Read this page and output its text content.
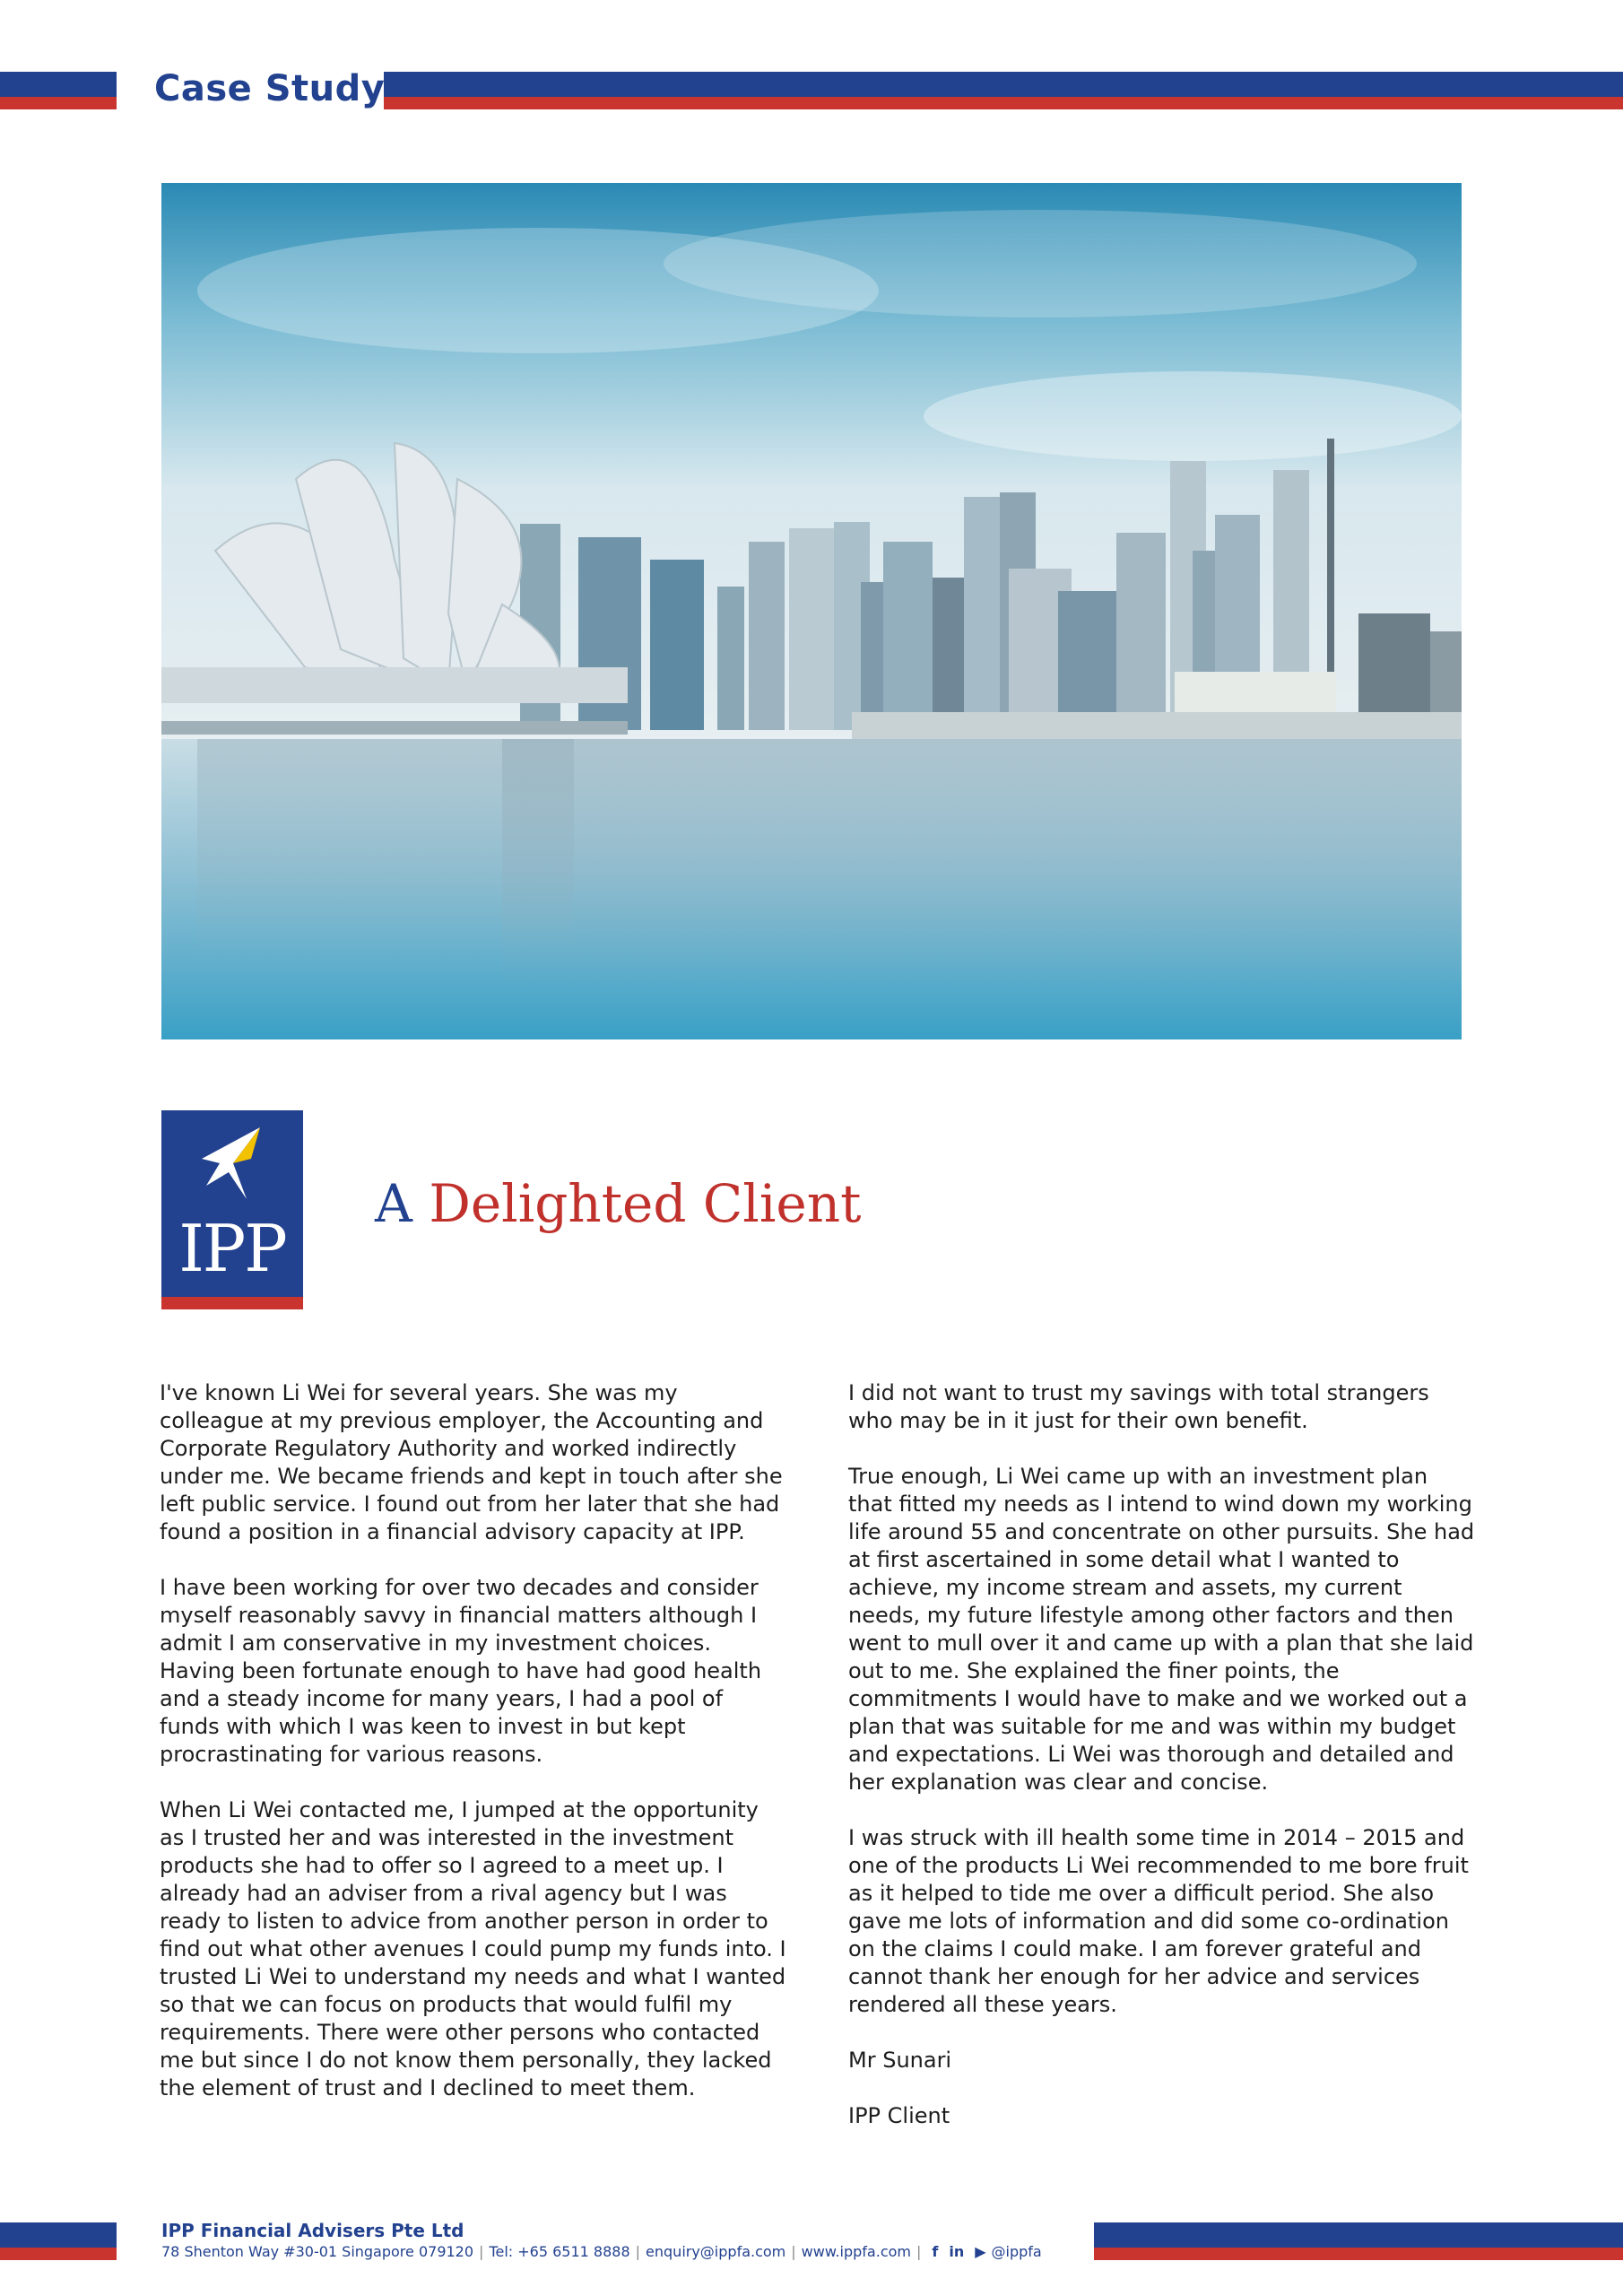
Case Study
IPP
A Delighted Client

I've known Li Wei for several years. She was my colleague at my previous employer, the Accounting and Corporate Regulatory Authority and worked indirectly under me. We became friends and kept in touch after she left public service. I found out from her later that she had found a position in a financial advisory capacity at IPP.

I have been working for over two decades and consider myself reasonably savvy in financial matters although I admit I am conservative in my investment choices. Having been fortunate enough to have had good health and a steady income for many years, I had a pool of funds with which I was keen to invest in but kept procrastinating for various reasons.

When Li Wei contacted me, I jumped at the opportunity as I trusted her and was interested in the investment products she had to offer so I agreed to a meet up. I already had an adviser from a rival agency but I was ready to listen to advice from another person in order to find out what other avenues I could pump my funds into. I trusted Li Wei to understand my needs and what I wanted so that we can focus on products that would fulfil my requirements. There were other persons who contacted me but since I do not know them personally, they lacked the element of trust and I declined to meet them.

I did not want to trust my savings with total strangers who may be in it just for their own benefit.

True enough, Li Wei came up with an investment plan that fitted my needs as I intend to wind down my working life around 55 and concentrate on other pursuits. She had at first ascertained in some detail what I wanted to achieve, my income stream and assets, my current needs, my future lifestyle among other factors and then went to mull over it and came up with a plan that she laid out to me. She explained the finer points, the commitments I would have to make and we worked out a plan that was suitable for me and was within my budget and expectations. Li Wei was thorough and detailed and her explanation was clear and concise.

I was struck with ill health some time in 2014 – 2015 and one of the products Li Wei recommended to me bore fruit as it helped to tide me over a difficult period. She also gave me lots of information and did some co-ordination on the claims I could make. I am forever grateful and cannot thank her enough for her advice and services rendered all these years.

Mr Sunari

IPP Client

IPP Financial Advisers Pte Ltd
78 Shenton Way #30-01 Singapore 079120 | Tel: +65 6511 8888 | enquiry@ippfa.com | www.ippfa.com | f in ▶ @ippfa
